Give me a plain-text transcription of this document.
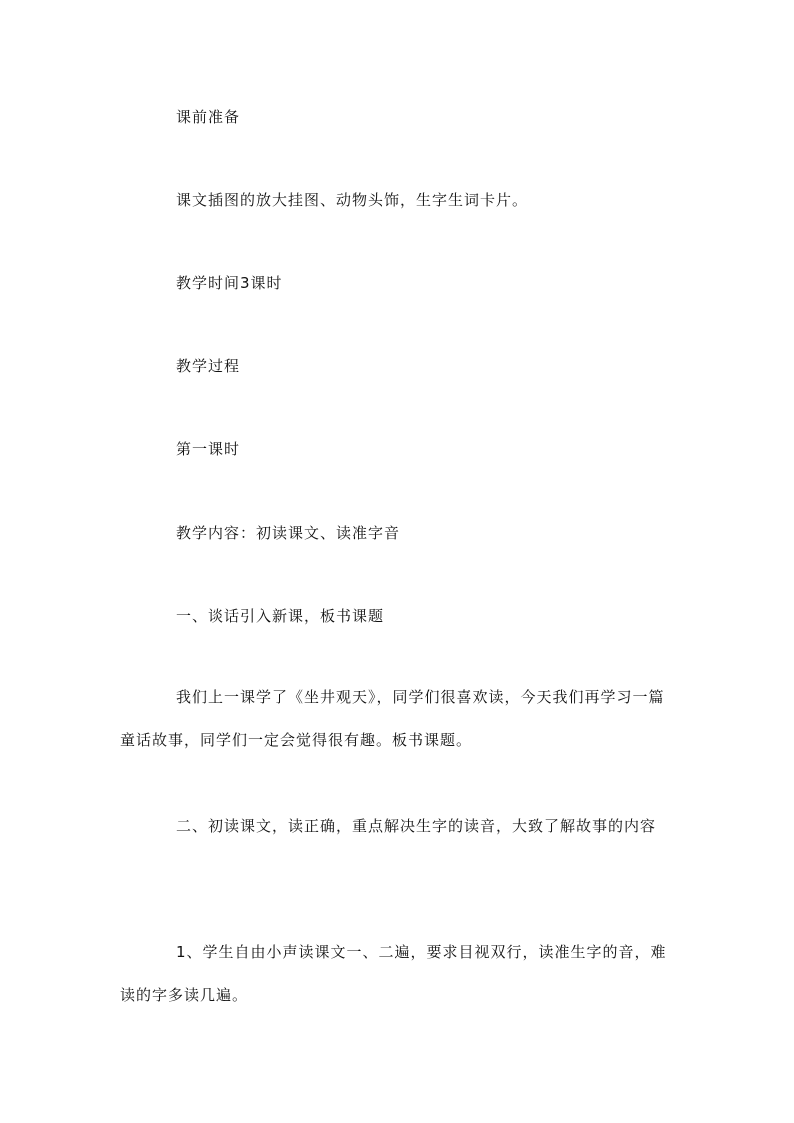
课前准备

课文插图的放大挂图、动物头饰，生字生词卡片。

教学时间3课时

教学过程

第一课时

教学内容：初读课文、读准字音

一、谈话引入新课，板书课题

我们上一课学了《坐井观天》，同学们很喜欢读，今天我们再学习一篇童话故事，同学们一定会觉得很有趣。板书课题。

二、初读课文，读正确，重点解决生字的读音，大致了解故事的内容

1、学生自由小声读课文一、二遍，要求目视双行，读准生字的音，难读的字多读几遍。
